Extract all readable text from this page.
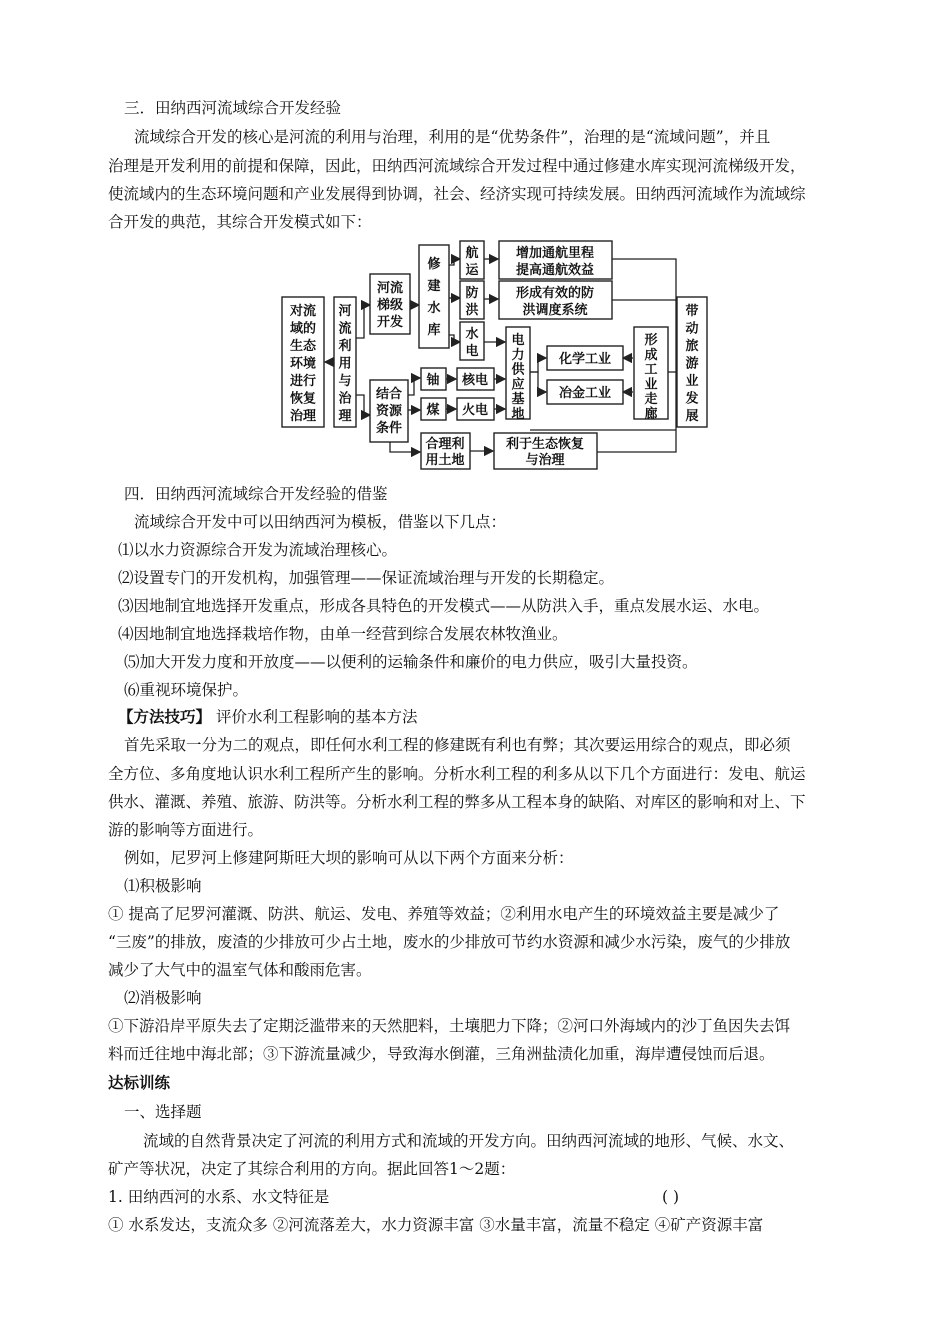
三．田纳西河流域综合开发经验
流域综合开发的核心是河流的利用与治理，利用的是“优势条件”，治理的是“流域问题”，并且
治理是开发利用的前提和保障，因此，田纳西河流域综合开发过程中通过修建水库实现河流梯级开发，
使流域内的生态环境问题和产业发展得到协调，社会、经济实现可持续发展。田纳西河流域作为流域综
合开发的典范，其综合开发模式如下：
对流
域的
生态
环境
进行
恢复
治理
河
流
利
用
与
治
理
河流
梯级
开发
修
建
水
库
航
运
防
洪
水
电
增加通航里程
提高通航效益
形成有效的防
洪调度系统
电
力
供
应
基
地
化学工业
冶金工业
形
成
工
业
走
廊
带
动
旅
游
业
发
展
结合
资源
条件
铀
煤
核电
火电
合理利
用土地
利于生态恢复
与治理
四．田纳西河流域综合开发经验的借鉴
流域综合开发中可以田纳西河为模板，借鉴以下几点：
⑴以水力资源综合开发为流域治理核心。
⑵设置专门的开发机构，加强管理——保证流域治理与开发的长期稳定。
⑶因地制宜地选择开发重点，形成各具特色的开发模式——从防洪入手，重点发展水运、水电。
⑷因地制宜地选择栽培作物，由单一经营到综合发展农林牧渔业。
⑸加大开发力度和开放度——以便利的运输条件和廉价的电力供应，吸引大量投资。
⑹重视环境保护。
【方法技巧】 评价水利工程影响的基本方法
首先采取一分为二的观点，即任何水利工程的修建既有利也有弊；其次要运用综合的观点，即必须
全方位、多角度地认识水利工程所产生的影响。分析水利工程的利多从以下几个方面进行：发电、航运
供水、灌溉、养殖、旅游、防洪等。分析水利工程的弊多从工程本身的缺陷、对库区的影响和对上、下
游的影响等方面进行。
例如，尼罗河上修建阿斯旺大坝的影响可从以下两个方面来分析：
⑴积极影响
① 提高了尼罗河灌溉、防洪、航运、发电、养殖等效益；②利用水电产生的环境效益主要是减少了
“三废”的排放，废渣的少排放可少占土地，废水的少排放可节约水资源和减少水污染，废气的少排放
减少了大气中的温室气体和酸雨危害。
⑵消极影响
①下游沿岸平原失去了定期泛滥带来的天然肥料，土壤肥力下降；②河口外海域内的沙丁鱼因失去饵
料而迁往地中海北部；③下游流量减少，导致海水倒灌，三角洲盐渍化加重，海岸遭侵蚀而后退。
达标训练
一、选择题
流域的自然背景决定了河流的利用方式和流域的开发方向。田纳西河流域的地形、气候、水文、
矿产等状况，决定了其综合利用的方向。据此回答1～2题：
1. 田纳西河的水系、水文特征是	( )
① 水系发达，支流众多 ②河流落差大，水力资源丰富 ③水量丰富，流量不稳定 ④矿产资源丰富
